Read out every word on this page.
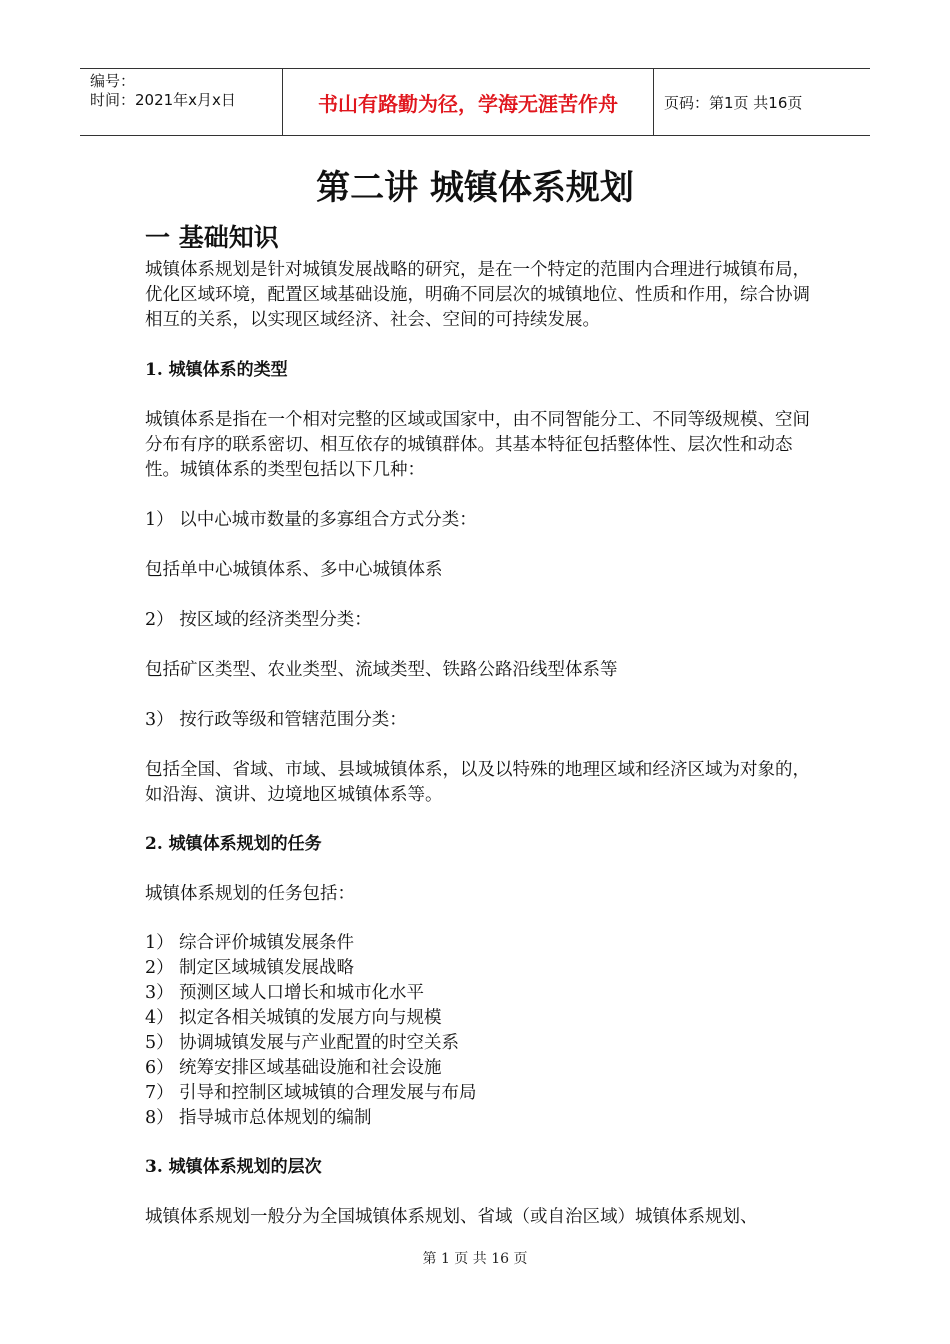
编号：
时间：2021年x月x日	书山有路勤为径，学海无涯苦作舟	页码：第1页 共16页
第二讲 城镇体系规划
一 基础知识
城镇体系规划是针对城镇发展战略的研究，是在一个特定的范围内合理进行城镇布局，优化区域环境，配置区域基础设施，明确不同层次的城镇地位、性质和作用，综合协调相互的关系，以实现区域经济、社会、空间的可持续发展。
1. 城镇体系的类型
城镇体系是指在一个相对完整的区域或国家中，由不同智能分工、不同等级规模、空间分布有序的联系密切、相互依存的城镇群体。其基本特征包括整体性、层次性和动态性。城镇体系的类型包括以下几种：
1） 以中心城市数量的多寡组合方式分类：
包括单中心城镇体系、多中心城镇体系
2） 按区域的经济类型分类：
包括矿区类型、农业类型、流域类型、铁路公路沿线型体系等
3） 按行政等级和管辖范围分类：
包括全国、省域、市域、县域城镇体系，以及以特殊的地理区域和经济区域为对象的，如沿海、演讲、边境地区城镇体系等。
2. 城镇体系规划的任务
城镇体系规划的任务包括：
1） 综合评价城镇发展条件
2） 制定区域城镇发展战略
3） 预测区域人口增长和城市化水平
4） 拟定各相关城镇的发展方向与规模
5） 协调城镇发展与产业配置的时空关系
6） 统筹安排区域基础设施和社会设施
7） 引导和控制区域城镇的合理发展与布局
8） 指导城市总体规划的编制
3. 城镇体系规划的层次
城镇体系规划一般分为全国城镇体系规划、省域（或自治区域）城镇体系规划、
第 1 页 共 16 页
